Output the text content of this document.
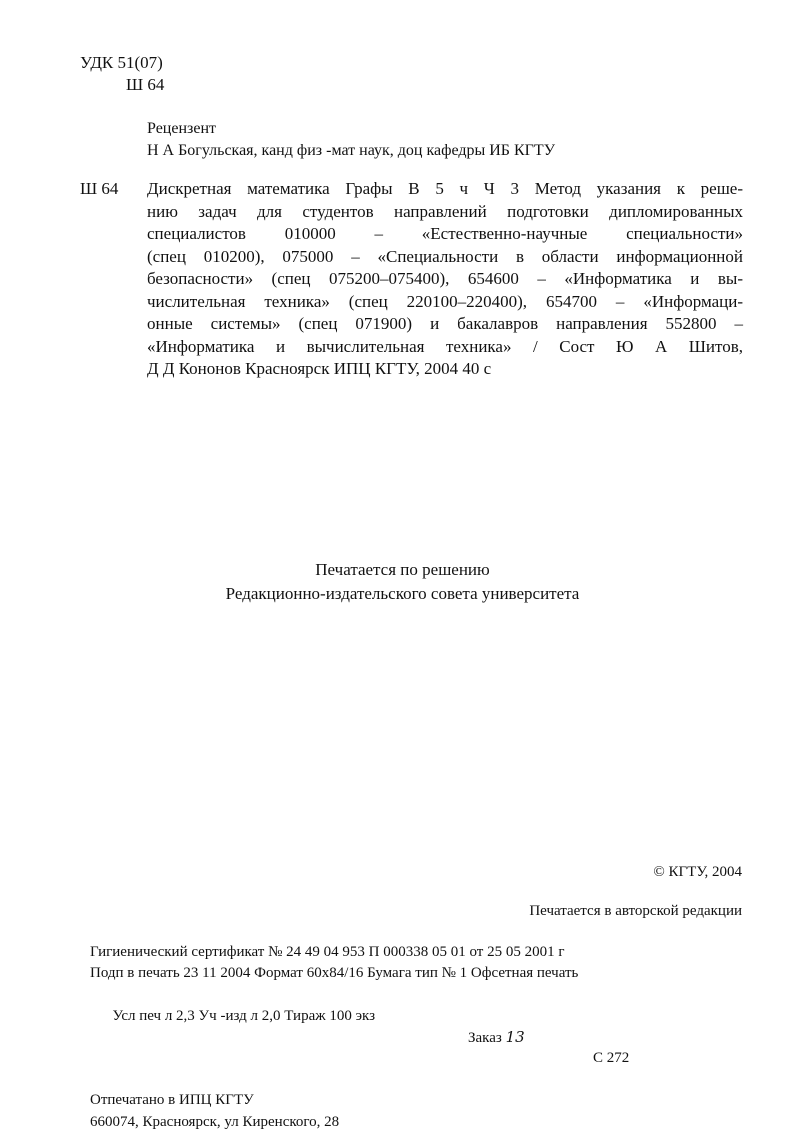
УДК 51(07)
Ш 64
Рецензент
Н А Богульская, канд физ -мат наук, доц кафедры ИБ КГТУ
Ш 64 Дискретная математика Графы В 5 ч Ч 3 Метод указания к реше-
нию задач для студентов направлений подготовки дипломированных
специалистов 010000 – «Естественно-научные специальности»
(спец 010200), 075000 – «Специальности в области информационной
безопасности» (спец 075200–075400), 654600 – «Информатика и вы-
числительная техника» (спец 220100–220400), 654700 – «Информаци-
онные системы» (спец 071900) и бакалавров направления 552800 –
«Информатика и вычислительная техника» / Сост Ю А Шитов,
Д Д Кононов Красноярск ИПЦ КГТУ, 2004 40 с
Печатается по решению
Редакционно-издательского совета университета
© КГТУ, 2004
Печатается в авторской редакции
Гигиенический сертификат № 24 49 04 953 П 000338 05 01 от 25 05 2001 г
Подп в печать 23 11 2004 Формат 60x84/16 Бумага тип № 1 Офсетная печать

Усл печ л 2,3 Уч -изд л 2,0 Тираж 100 экз

Заказ 13

С 272

Отпечатано в ИПЦ КГТУ
660074, Красноярск, ул Киренского, 28
